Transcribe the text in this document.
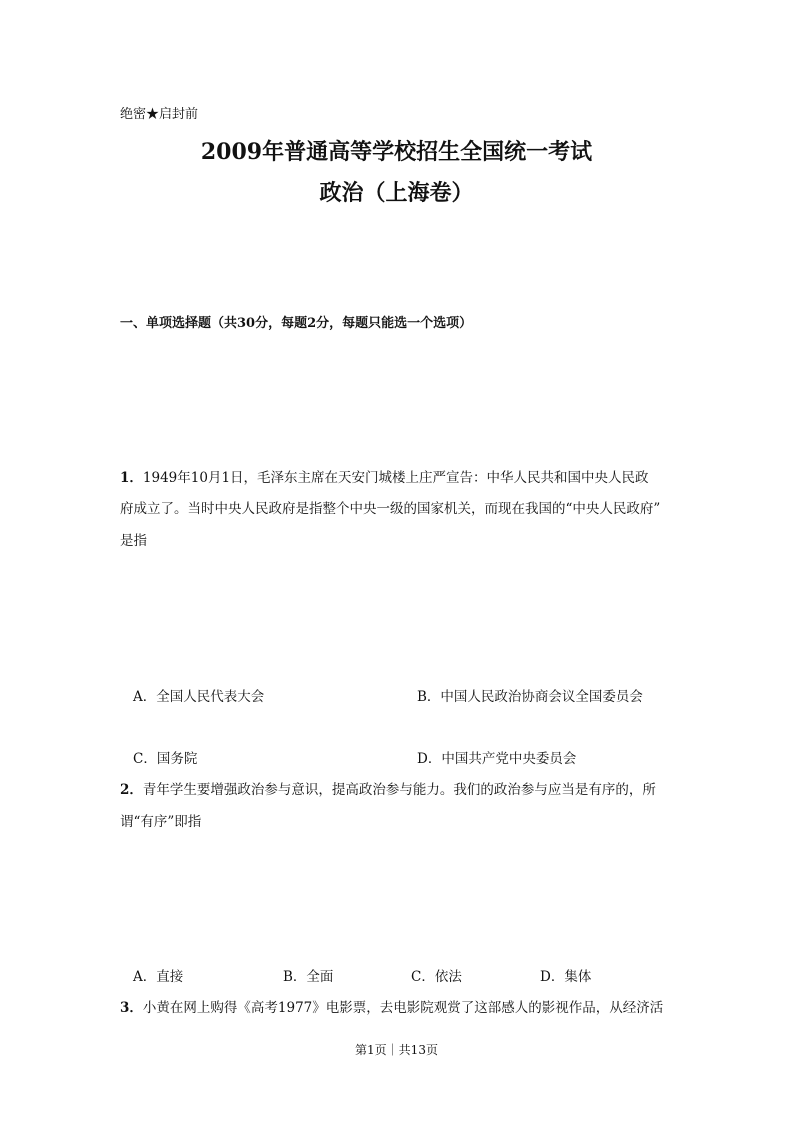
绝密★启封前
2009年普通高等学校招生全国统一考试
政治（上海卷）
一、单项选择题（共30分，每题2分，每题只能选一个选项）
1．1949年10月1日，毛泽东主席在天安门城楼上庄严宣告：中华人民共和国中央人民政
府成立了。当时中央人民政府是指整个中央一级的国家机关，而现在我国的“中央人民政府”
是指
A．全国人民代表大会	B．中国人民政治协商会议全国委员会
C．国务院	D．中国共产党中央委员会
2．青年学生要增强政治参与意识，提高政治参与能力。我们的政治参与应当是有序的，所
谓“有序”即指
A．直接	B．全面	C．依法	D．集体
3．小黄在网上购得《高考1977》电影票，去电影院观赏了这部感人的影视作品，从经济活
第1页｜共13页
